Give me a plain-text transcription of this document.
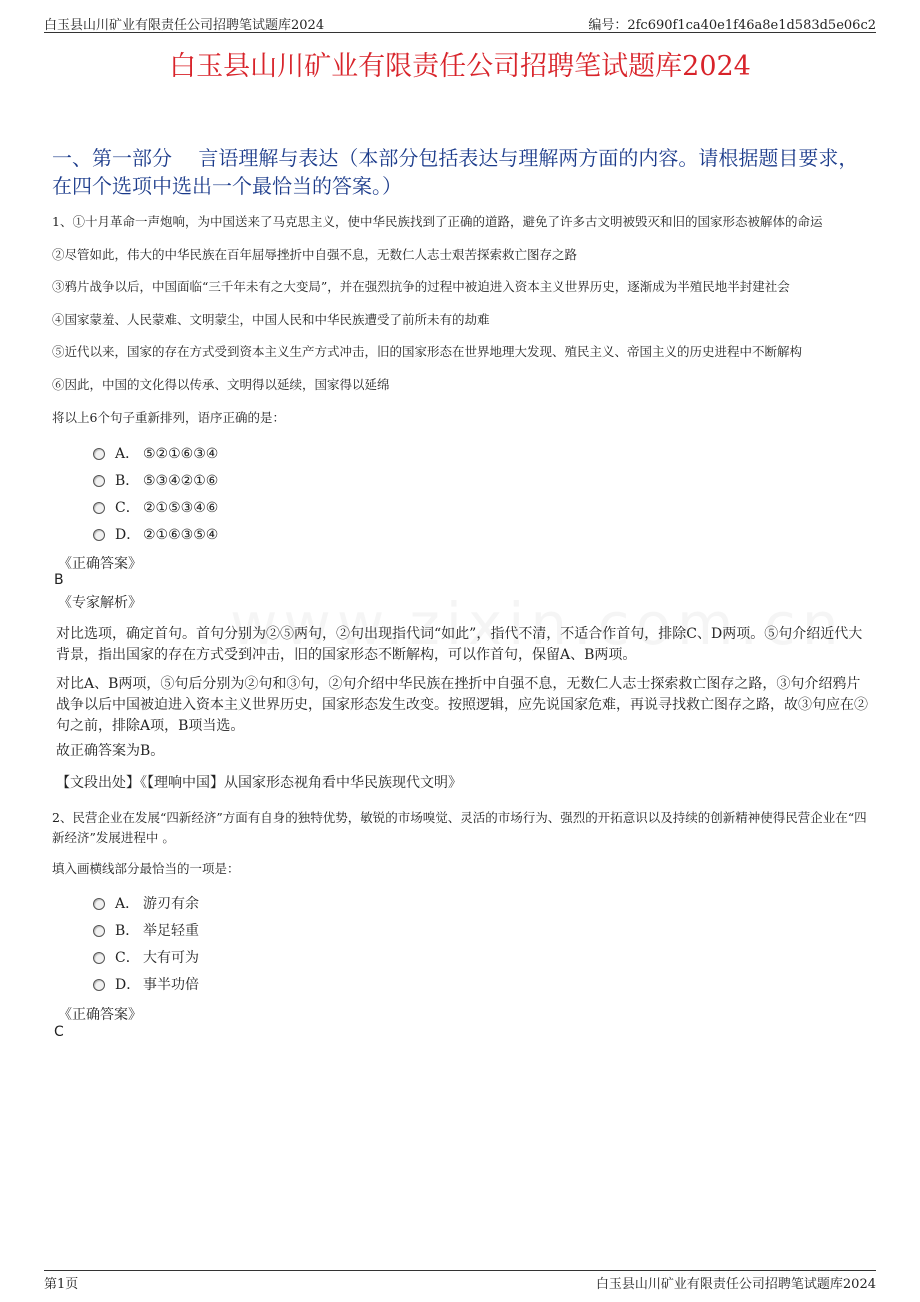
白玉县山川矿业有限责任公司招聘笔试题库2024	编号：2fc690f1ca40e1f46a8e1d583d5e06c2
白玉县山川矿业有限责任公司招聘笔试题库2024
一、第一部分　 言语理解与表达（本部分包括表达与理解两方面的内容。请根据题目要求，在四个选项中选出一个最恰当的答案。）
1、①十月革命一声炮响，为中国送来了马克思主义，使中华民族找到了正确的道路，避免了许多古文明被毁灭和旧的国家形态被解体的命运
②尽管如此，伟大的中华民族在百年屈辱挫折中自强不息，无数仁人志士艰苦探索救亡图存之路
③鸦片战争以后，中国面临“三千年未有之大变局”，并在强烈抗争的过程中被迫进入资本主义世界历史，逐渐成为半殖民地半封建社会
④国家蒙羞、人民蒙难、文明蒙尘，中国人民和中华民族遭受了前所未有的劫难
⑤近代以来，国家的存在方式受到资本主义生产方式冲击，旧的国家形态在世界地理大发现、殖民主义、帝国主义的历史进程中不断解构
⑥因此，中国的文化得以传承、文明得以延续，国家得以延绵
将以上6个句子重新排列，语序正确的是：
A． ⑤②①⑥③④
B． ⑤③④②①⑥
C． ②①⑤③④⑥
D． ②①⑥③⑤④
《正确答案》
B
《专家解析》
对比选项，确定首句。首句分别为②⑤两句，②句出现指代词“如此”，指代不清，不适合作首句，排除C、D两项。⑤句介绍近代大背景，指出国家的存在方式受到冲击，旧的国家形态不断解构，可以作首句，保留A、B两项。
对比A、B两项，⑤句后分别为②句和③句，②句介绍中华民族在挫折中自强不息，无数仁人志士探索救亡图存之路，③句介绍鸦片战争以后中国被迫进入资本主义世界历史，国家形态发生改变。按照逻辑，应先说国家危难，再说寻找救亡图存之路，故③句应在②句之前，排除A项，B项当选。
故正确答案为B。
【文段出处】《【理响中国】从国家形态视角看中华民族现代文明》
2、民营企业在发展“四新经济”方面有自身的独特优势，敏锐的市场嗅觉、灵活的市场行为、强烈的开拓意识以及持续的创新精神使得民营企业在“四新经济”发展进程中 。
填入画横线部分最恰当的一项是：
A． 游刃有余
B． 举足轻重
C． 大有可为
D． 事半功倍
《正确答案》
C
第1页	白玉县山川矿业有限责任公司招聘笔试题库2024
